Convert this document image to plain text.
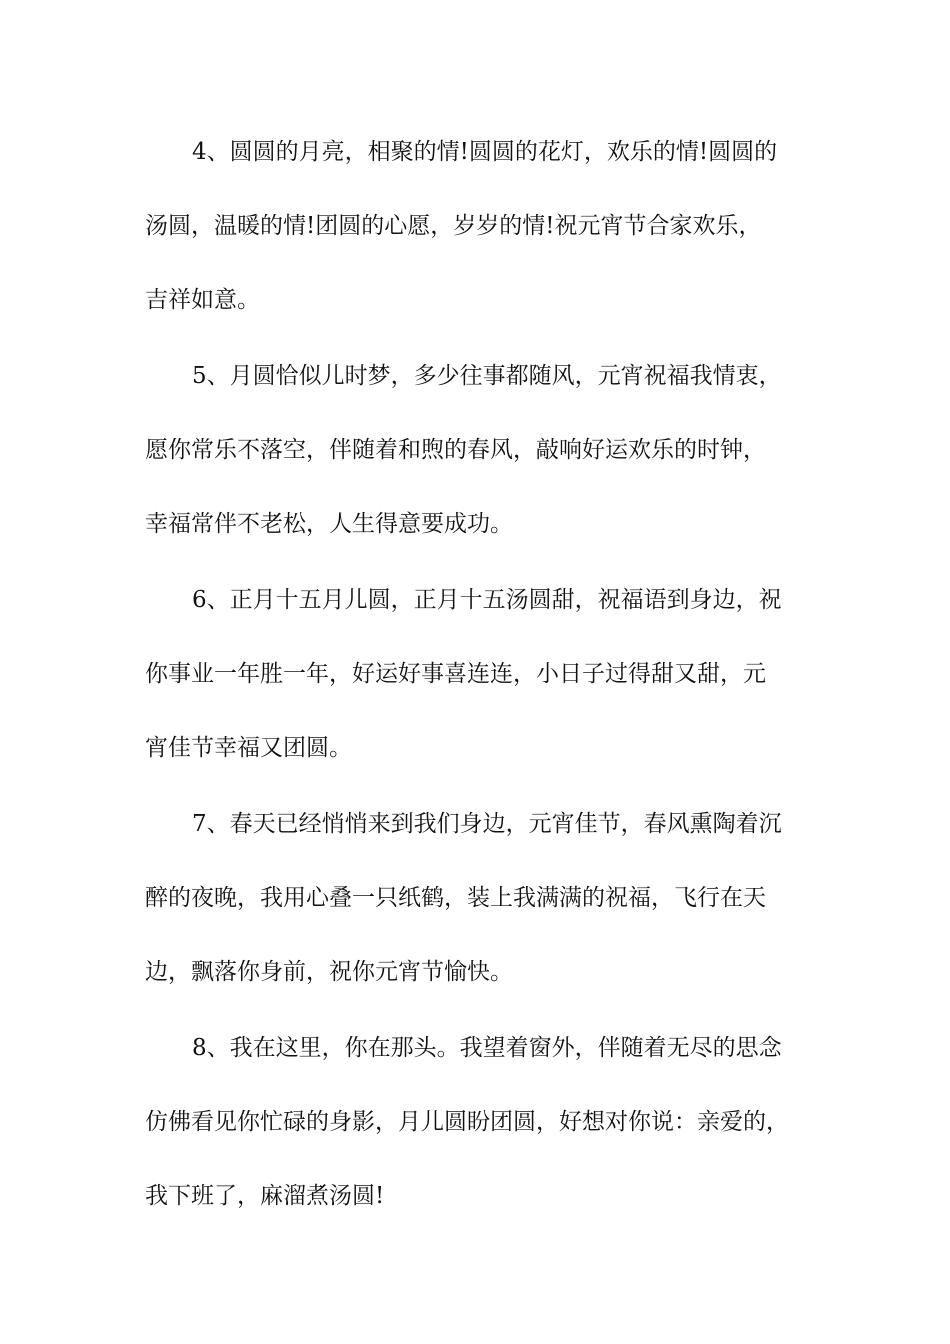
4、圆圆的月亮，相聚的情!圆圆的花灯，欢乐的情!圆圆的
汤圆，温暖的情!团圆的心愿，岁岁的情!祝元宵节合家欢乐，
吉祥如意。

5、月圆恰似儿时梦，多少往事都随风，元宵祝福我情衷，
愿你常乐不落空，伴随着和煦的春风，敲响好运欢乐的时钟，
幸福常伴不老松，人生得意要成功。

6、正月十五月儿圆，正月十五汤圆甜，祝福语到身边，祝
你事业一年胜一年，好运好事喜连连，小日子过得甜又甜，元
宵佳节幸福又团圆。

7、春天已经悄悄来到我们身边，元宵佳节，春风熏陶着沉
醉的夜晚，我用心叠一只纸鹤，装上我满满的祝福，飞行在天
边，飘落你身前，祝你元宵节愉快。

8、我在这里，你在那头。我望着窗外，伴随着无尽的思念
仿佛看见你忙碌的身影，月儿圆盼团圆，好想对你说：亲爱的，
我下班了，麻溜煮汤圆!
